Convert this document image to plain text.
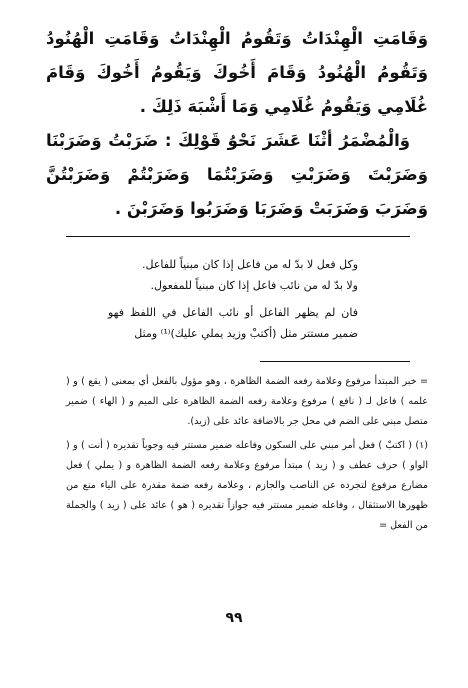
وَقَامَتِ الْهِنْدَاتُ وَتَقُومُ الْهِنْدَاتُ وَقَامَتِ الْهُنُودُ وَتَقُومُ الْهُنُودُ وَقَامَ أَخُوكَ وَيَقُومُ أَخُوكَ وَقَامَ غُلَامِي وَيَقُومُ غُلَامِي وَمَا أَشْبَهَ ذَلِكَ .

وَالْمُضْمَرُ أثْنَا عَشَرَ نَحْوُ قَوْلِكَ : ضَرَبْتُ وَضَرَبْنَا وَضَرَبْتَ وَضَرَبْتِ وَضَرَبْتُمَا وَضَرَبْتُمْ وَضَرَبْتُنَّ وَضَرَبَ وَضَرَبَتْ وَضَرَبَا وَضَرَبُوا وَضَرَبْنَ .

وكل فعل لا بدّ له من فاعل إذا كان مبنياً للفاعل.

ولا بدّ له من نائب فاعل إذا كان مبنياً للمفعول.

فان لم يظهر الفاعل أو نائب الفاعل في اللفظ فهو ضمير مستتر مثل (أكتبْ وزيد يملي عليك)⁽¹⁾ ومثل

= خبر المبتدأ مرفوع وعلامة رفعه الضمة الظاهرة ، وهو مؤول بالفعل أي بمعنى ( يقع ) و ( علمه ) فاعل لـ ( نافع ) مرفوع وعلامة رفعه الضمة الظاهرة على الميم و ( الهاء ) ضمير متصل مبني على الضم في محل جر بالاضافة عائد على (زيد).

(١) ( اكتبْ ) فعل أمر مبني على السكون وفاعله ضمير مستتر فيه وجوباً تقديره ( أنت ) و ( الواو ) حرف عطف و ( زيد ) مبتدأ مرفوع وعلامة رفعه الضمة الظاهرة و ( يملي ) فعل مضارع مرفوع لتجرده عن الناصب والجازم ، وعلامة رفعه ضمة مقدرة على الياء منع من ظهورها الاستثقال ، وفاعله ضمير مستتر فيه جوازاً تقديره ( هو ) عائد على ( زيد ) والجملة من الفعل =

٩٩
